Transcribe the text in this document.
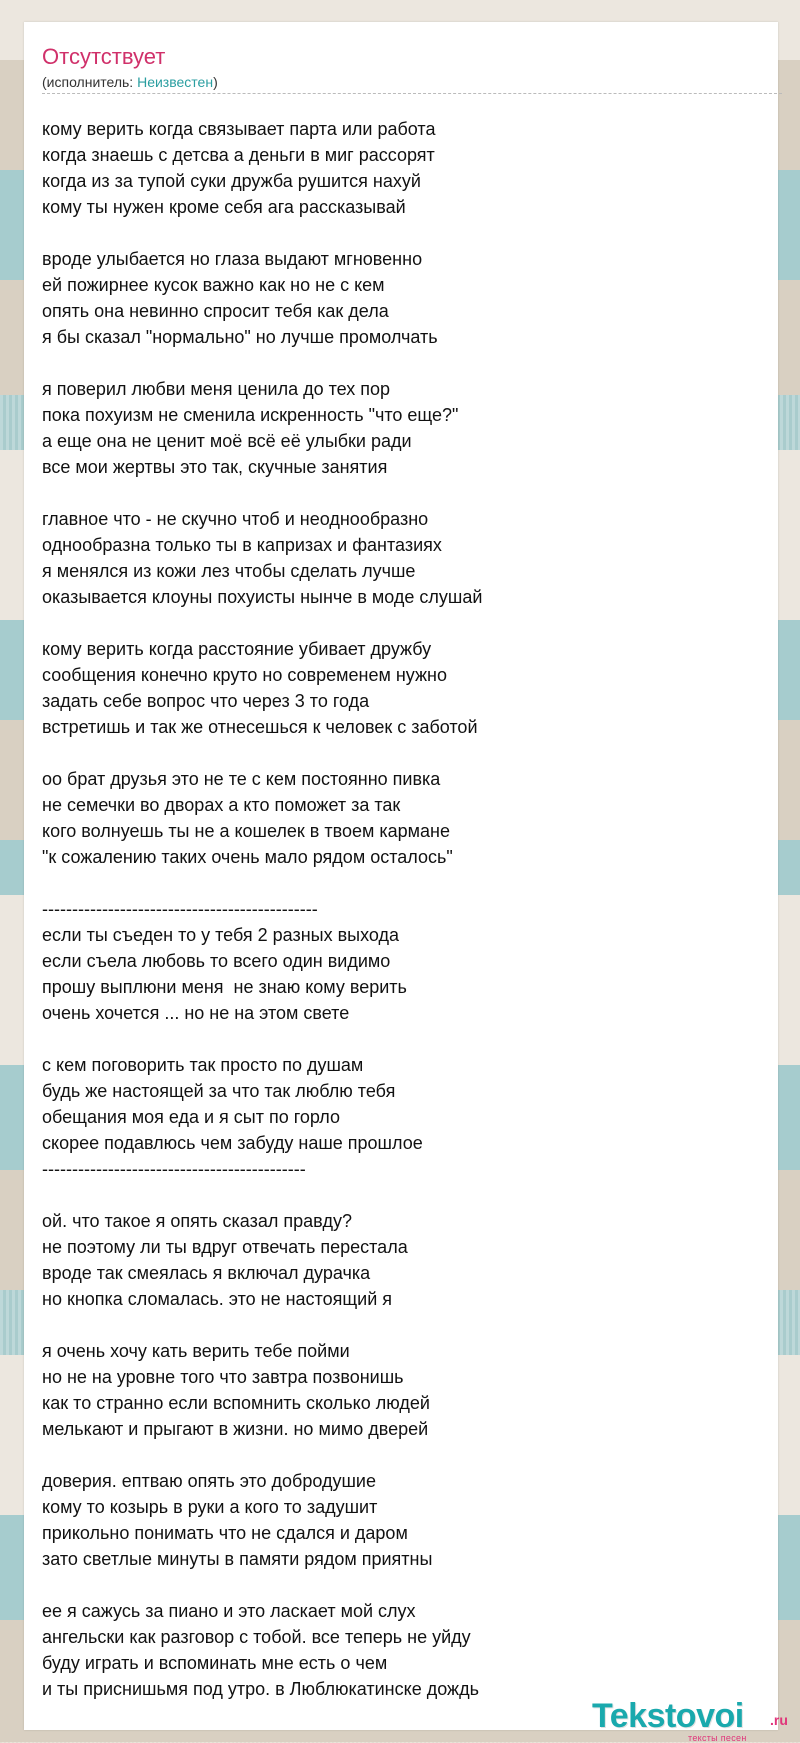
Отсутствует
(исполнитель: Неизвестен)
кому верить когда связывает парта или работа
когда знаешь с детсва а деньги в миг рассорят
когда из за тупой суки дружба рушится нахуй
кому ты нужен кроме себя ага рассказывай
вроде улыбается но глаза выдают мгновенно
ей пожирнее кусок важно как но не с кем
опять она невинно спросит тебя как дела
я бы сказал "нормально" но лучше промолчать
я поверил любви меня ценила до тех пор
пока похуизм не сменила искренность "что еще?"
а еще она не ценит моё всё её улыбки ради
все мои жертвы это так, скучные занятия
главное что - не скучно чтоб и неоднообразно
однообразна только ты в капризах и фантазиях
я менялся из кожи лез чтобы сделать лучше
оказывается клоуны похуисты нынче в моде слушай
кому верить когда расстояние убивает дружбу
сообщения конечно круто но современем нужно
задать себе вопрос что через 3 то года
встретишь и так же отнесешься к человек с заботой
оо брат друзья это не те с кем постоянно пивка
не семечки во дворах а кто поможет за так
кого волнуешь ты не а кошелек в твоем кармане
"к сожалению таких очень мало рядом осталось"
----------------------------------------------
если ты съеден то у тебя 2 разных выхода
если съела любовь то всего один видимо
прошу выплюни меня  не знаю кому верить
очень хочется ... но не на этом свете
с кем поговорить так просто по душам
будь же настоящей за что так люблю тебя
обещания моя еда и я сыт по горло
скорее подавлюсь чем забуду наше прошлое
--------------------------------------------
ой. что такое я опять сказал правду?
не поэтому ли ты вдруг отвечать перестала
вроде так смеялась я включал дурачка
но кнопка сломалась. это не настоящий я
я очень хочу кать верить тебе пойми
но не на уровне того что завтра позвонишь
как то странно если вспомнить сколько людей
мелькают и прыгают в жизни. но мимо дверей
доверия. ептваю опять это добродушие
кому то козырь в руки а кого то задушит
прикольно понимать что не сдался и даром
зато светлые минуты в памяти рядом приятны
ее я сажусь за пиано и это ласкает мой слух
ангельски как разговор с тобой. все теперь не уйду
буду играть и вспоминать мне есть о чем
и ты приснишьмя под утро. в Люблюкатинске дождь
Tekstovoi .ru
тексты песен
